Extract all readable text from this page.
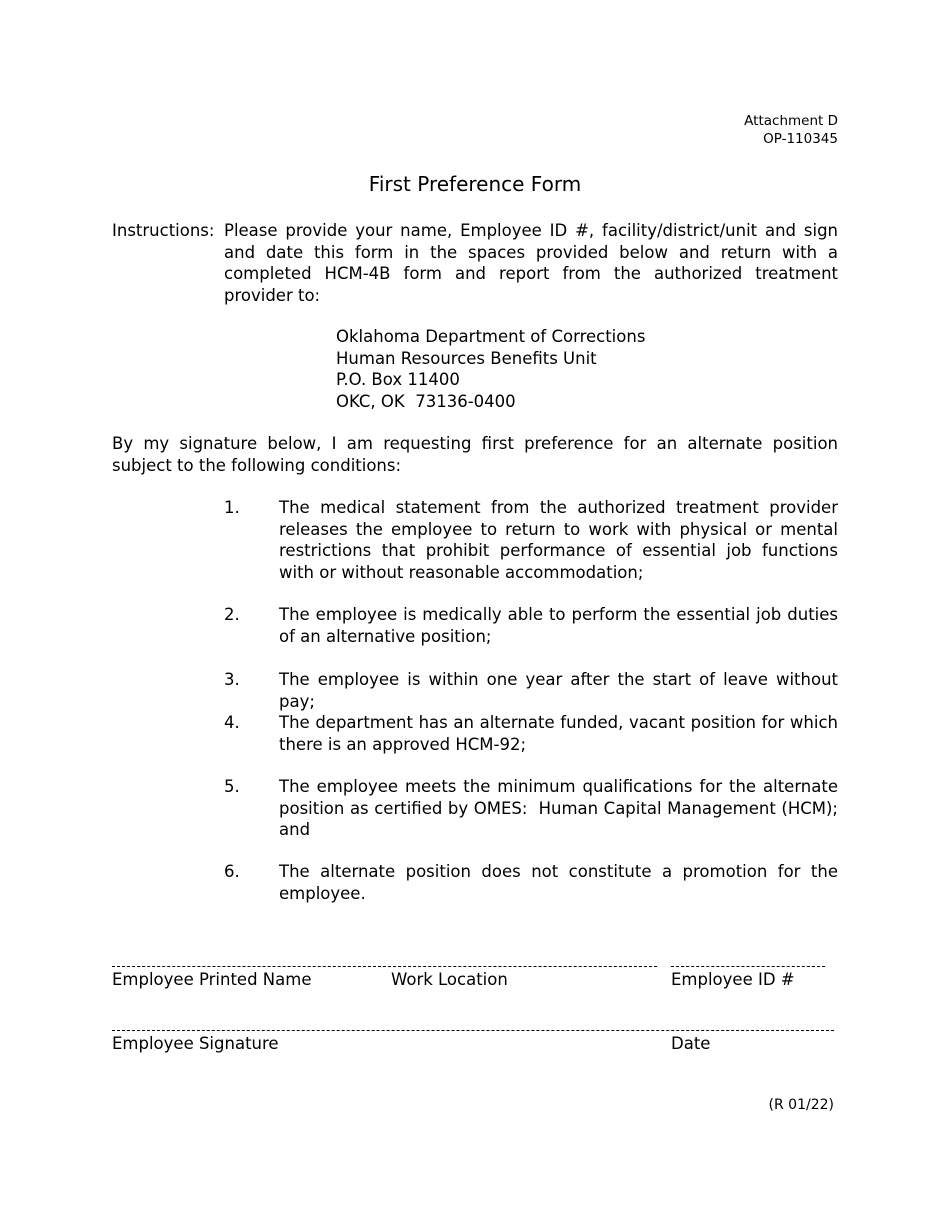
Attachment D
OP-110345
First Preference Form
Instructions: Please provide your name, Employee ID #, facility/district/unit and sign and date this form in the spaces provided below and return with a completed HCM-4B form and report from the authorized treatment provider to:
Oklahoma Department of Corrections
Human Resources Benefits Unit
P.O. Box 11400
OKC, OK  73136-0400
By my signature below, I am requesting first preference for an alternate position subject to the following conditions:
1. The medical statement from the authorized treatment provider releases the employee to return to work with physical or mental restrictions that prohibit performance of essential job functions with or without reasonable accommodation;
2. The employee is medically able to perform the essential job duties of an alternative position;
3. The employee is within one year after the start of leave without pay;
4. The department has an alternate funded, vacant position for which there is an approved HCM-92;
5. The employee meets the minimum qualifications for the alternate position as certified by OMES:  Human Capital Management (HCM); and
6. The alternate position does not constitute a promotion for the employee.
Employee Printed Name	Work Location	Employee ID #
Employee Signature	Date
(R 01/22)
